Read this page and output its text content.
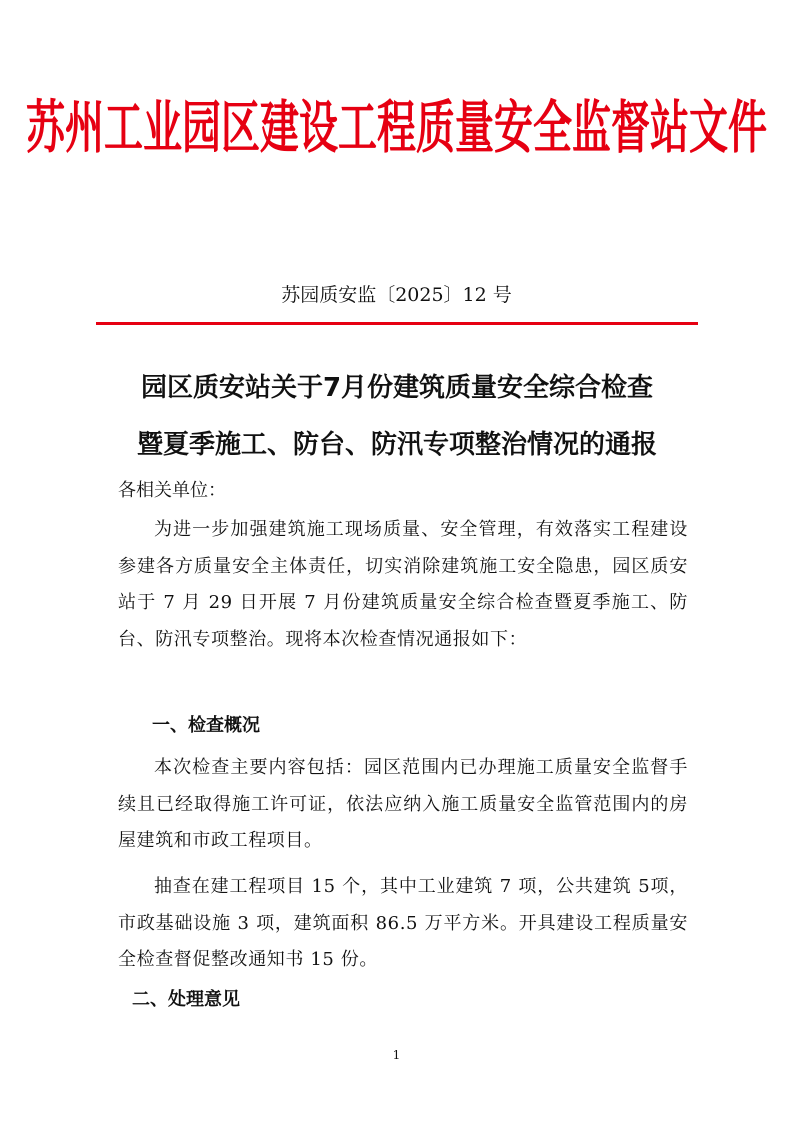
苏州工业园区建设工程质量安全监督站文件
苏园质安监〔2025〕12 号
园区质安站关于7月份建筑质量安全综合检查
暨夏季施工、防台、防汛专项整治情况的通报
各相关单位：
为进一步加强建筑施工现场质量、安全管理，有效落实工程建设参建各方质量安全主体责任，切实消除建筑施工安全隐患，园区质安站于 7 月 29 日开展 7 月份建筑质量安全综合检查暨夏季施工、防台、防汛专项整治。现将本次检查情况通报如下：
一、检查概况
本次检查主要内容包括：园区范围内已办理施工质量安全监督手续且已经取得施工许可证，依法应纳入施工质量安全监管范围内的房屋建筑和市政工程项目。
抽查在建工程项目 15 个，其中工业建筑 7 项，公共建筑 5项，市政基础设施 3 项，建筑面积 86.5 万平方米。开具建设工程质量安全检查督促整改通知书 15 份。
二、处理意见
1
